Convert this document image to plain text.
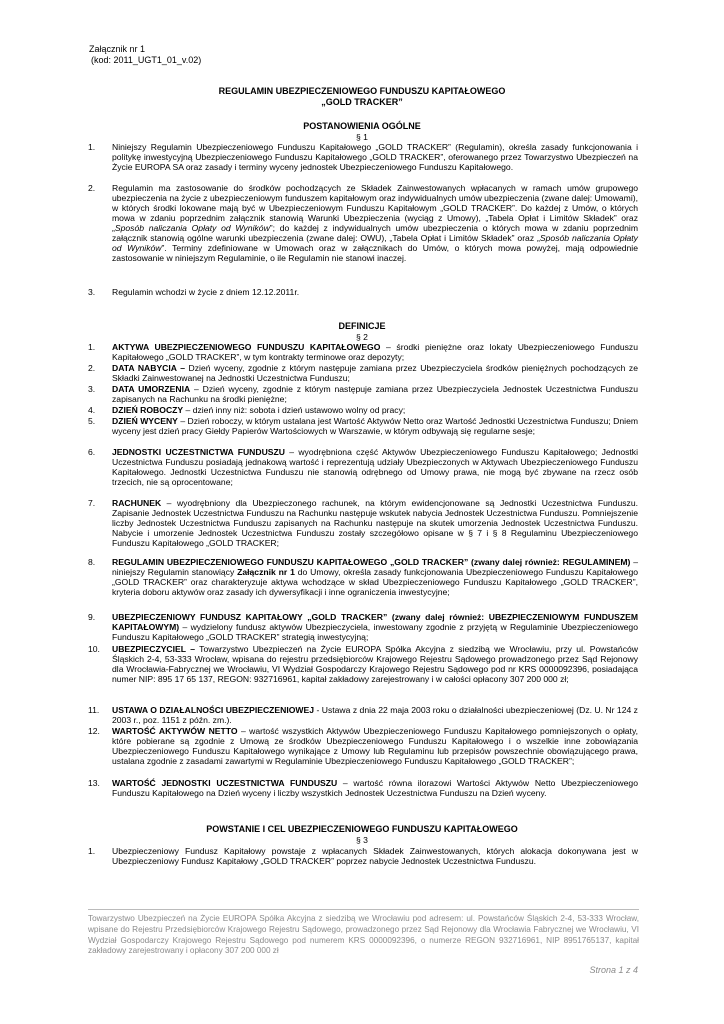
Załącznik nr 1
(kod: 2011_UGT1_01_v.02)
REGULAMIN UBEZPIECZENIOWEGO FUNDUSZU KAPITAŁOWEGO
„GOLD TRACKER”
POSTANOWIENIA OGÓLNE
§ 1
1. Niniejszy Regulamin Ubezpieczeniowego Funduszu Kapitałowego „GOLD TRACKER” (Regulamin), określa zasady funkcjonowania i politykę inwestycyjną Ubezpieczeniowego Funduszu Kapitałowego „GOLD TRACKER”, oferowanego przez Towarzystwo Ubezpieczeń na Życie EUROPA SA oraz zasady i terminy wyceny jednostek Ubezpieczeniowego Funduszu Kapitałowego.
2. Regulamin ma zastosowanie do środków pochodzących ze Składek Zainwestowanych wpłacanych w ramach umów grupowego ubezpieczenia na życie z ubezpieczeniowym funduszem kapitałowym oraz indywidualnych umów ubezpieczenia (zwane dalej: Umowami), w których środki lokowane mają być w Ubezpieczeniowym Funduszu Kapitałowym „GOLD TRACKER”. Do każdej z Umów, o których mowa w zdaniu poprzednim załącznik stanowią Warunki Ubezpieczenia (wyciąg z Umowy), „Tabela Opłat i Limitów Składek” oraz „Sposób naliczania Opłaty od Wyników”; do każdej z indywidualnych umów ubezpieczenia o których mowa w zdaniu poprzednim załącznik stanowią ogólne warunki ubezpieczenia (zwane dalej: OWU), „Tabela Opłat i Limitów Składek” oraz „Sposób naliczania Opłaty od Wyników”. Terminy zdefiniowane w Umowach oraz w załącznikach do Umów, o których mowa powyżej, mają odpowiednie zastosowanie w niniejszym Regulaminie, o ile Regulamin nie stanowi inaczej.
3. Regulamin wchodzi w życie z dniem 12.12.2011r.
DEFINICJE
§ 2
1. AKTYWA UBEZPIECZENIOWEGO FUNDUSZU KAPITAŁOWEGO – środki pieniężne oraz lokaty Ubezpieczeniowego Funduszu Kapitałowego „GOLD TRACKER”, w tym kontrakty terminowe oraz depozyty;
2. DATA NABYCIA – Dzień wyceny, zgodnie z którym następuje zamiana przez Ubezpieczyciela środków pieniężnych pochodzących ze Składki Zainwestowanej na Jednostki Uczestnictwa Funduszu;
3. DATA UMORZENIA – Dzień wyceny, zgodnie z którym następuje zamiana przez Ubezpieczyciela Jednostek Uczestnictwa Funduszu zapisanych na Rachunku na środki pieniężne;
4. DZIEŃ ROBOCZY – dzień inny niż: sobota i dzień ustawowo wolny od pracy;
5. DZIEŃ WYCENY – Dzień roboczy, w którym ustalana jest Wartość Aktywów Netto oraz Wartość Jednostki Uczestnictwa Funduszu; Dniem wyceny jest dzień pracy Giełdy Papierów Wartościowych w Warszawie, w którym odbywają się regularne sesje;
6. JEDNOSTKI UCZESTNICTWA FUNDUSZU – wyodrębniona część Aktywów Ubezpieczeniowego Funduszu Kapitałowego; Jednostki Uczestnictwa Funduszu posiadają jednakową wartość i reprezentują udziały Ubezpieczonych w Aktywach Ubezpieczeniowego Funduszu Kapitałowego. Jednostki Uczestnictwa Funduszu nie stanowią odrębnego od Umowy prawa, nie mogą być zbywane na rzecz osób trzecich, nie są oprocentowane;
7. RACHUNEK – wyodrębniony dla Ubezpieczonego rachunek, na którym ewidencjonowane są Jednostki Uczestnictwa Funduszu. Zapisanie Jednostek Uczestnictwa Funduszu na Rachunku następuje wskutek nabycia Jednostek Uczestnictwa Funduszu. Pomniejszenie liczby Jednostek Uczestnictwa Funduszu zapisanych na Rachunku następuje na skutek umorzenia Jednostek Uczestnictwa Funduszu. Nabycie i umorzenie Jednostek Uczestnictwa Funduszu zostały szczegółowo opisane w § 7 i § 8 Regulaminu Ubezpieczeniowego Funduszu Kapitałowego „GOLD TRACKER;
8. REGULAMIN UBEZPIECZENIOWEGO FUNDUSZU KAPITAŁOWEGO „GOLD TRACKER” (zwany dalej również: REGULAMINEM) – niniejszy Regulamin stanowiący Załącznik nr 1 do Umowy, określa zasady funkcjonowania Ubezpieczeniowego Funduszu Kapitałowego „GOLD TRACKER” oraz charakteryzuje aktywa wchodzące w skład Ubezpieczeniowego Funduszu Kapitałowego „GOLD TRACKER”, kryteria doboru aktywów oraz zasady ich dywersyfikacji i inne ograniczenia inwestycyjne;
9. UBEZPIECZENIOWY FUNDUSZ KAPITAŁOWY „GOLD TRACKER” (zwany dalej również: UBEZPIECZENIOWYM FUNDUSZEM KAPITAŁOWYM) – wydzielony fundusz aktywów Ubezpieczyciela, inwestowany zgodnie z przyjętą w Regulaminie Ubezpieczeniowego Funduszu Kapitałowego „GOLD TRACKER” strategią inwestycyjną;
10. UBEZPIECZYCIEL – Towarzystwo Ubezpieczeń na Życie EUROPA Spółka Akcyjna z siedzibą we Wrocławiu, przy ul. Powstańców Śląskich 2-4, 53-333 Wrocław, wpisana do rejestru przedsiębiorców Krajowego Rejestru Sądowego prowadzonego przez Sąd Rejonowy dla Wrocławia-Fabrycznej we Wrocławiu, VI Wydział Gospodarczy Krajowego Rejestru Sądowego pod nr KRS 0000092396, posiadająca numer NIP: 895 17 65 137, REGON: 932716961, kapitał zakładowy zarejestrowany i w całości opłacony 307 200 000 zł;
11. USTAWA O DZIAŁALNOŚCI UBEZPIECZENIOWEJ - Ustawa z dnia 22 maja 2003 roku o działalności ubezpieczeniowej (Dz. U. Nr 124 z 2003 r., poz. 1151 z późn. zm.).
12. WARTOŚĆ AKTYWÓW NETTO – wartość wszystkich Aktywów Ubezpieczeniowego Funduszu Kapitałowego pomniejszonych o opłaty, które pobierane są zgodnie z Umową ze środków Ubezpieczeniowego Funduszu Kapitałowego i o wszelkie inne zobowiązania Ubezpieczeniowego Funduszu Kapitałowego wynikające z Umowy lub Regulaminu lub przepisów powszechnie obowiązującego prawa, ustalana zgodnie z zasadami zawartymi w Regulaminie Ubezpieczeniowego Funduszu Kapitałowego „GOLD TRACKER”;
13. WARTOŚĆ JEDNOSTKI UCZESTNICTWA FUNDUSZU – wartość równa ilorazowi Wartości Aktywów Netto Ubezpieczeniowego Funduszu Kapitałowego na Dzień wyceny i liczby wszystkich Jednostek Uczestnictwa Funduszu na Dzień wyceny.
POWSTANIE I CEL UBEZPIECZENIOWEGO FUNDUSZU KAPITAŁOWEGO
§ 3
1. Ubezpieczeniowy Fundusz Kapitałowy powstaje z wpłacanych Składek Zainwestowanych, których alokacja dokonywana jest w Ubezpieczeniowy Fundusz Kapitałowy „GOLD TRACKER” poprzez nabycie Jednostek Uczestnictwa Funduszu.
Towarzystwo Ubezpieczeń na Życie EUROPA Spółka Akcyjna z siedzibą we Wrocławiu pod adresem: ul. Powstańców Śląskich 2-4, 53-333 Wrocław, wpisane do Rejestru Przedsiębiorców Krajowego Rejestru Sądowego, prowadzonego przez Sąd Rejonowy dla Wrocławia Fabrycznej we Wrocławiu, VI Wydział Gospodarczy Krajowego Rejestru Sądowego pod numerem KRS 0000092396, o numerze REGON 932716961, NIP 8951765137, kapitał zakładowy zarejestrowany i opłacony 307 200 000 zł
Strona 1 z 4
